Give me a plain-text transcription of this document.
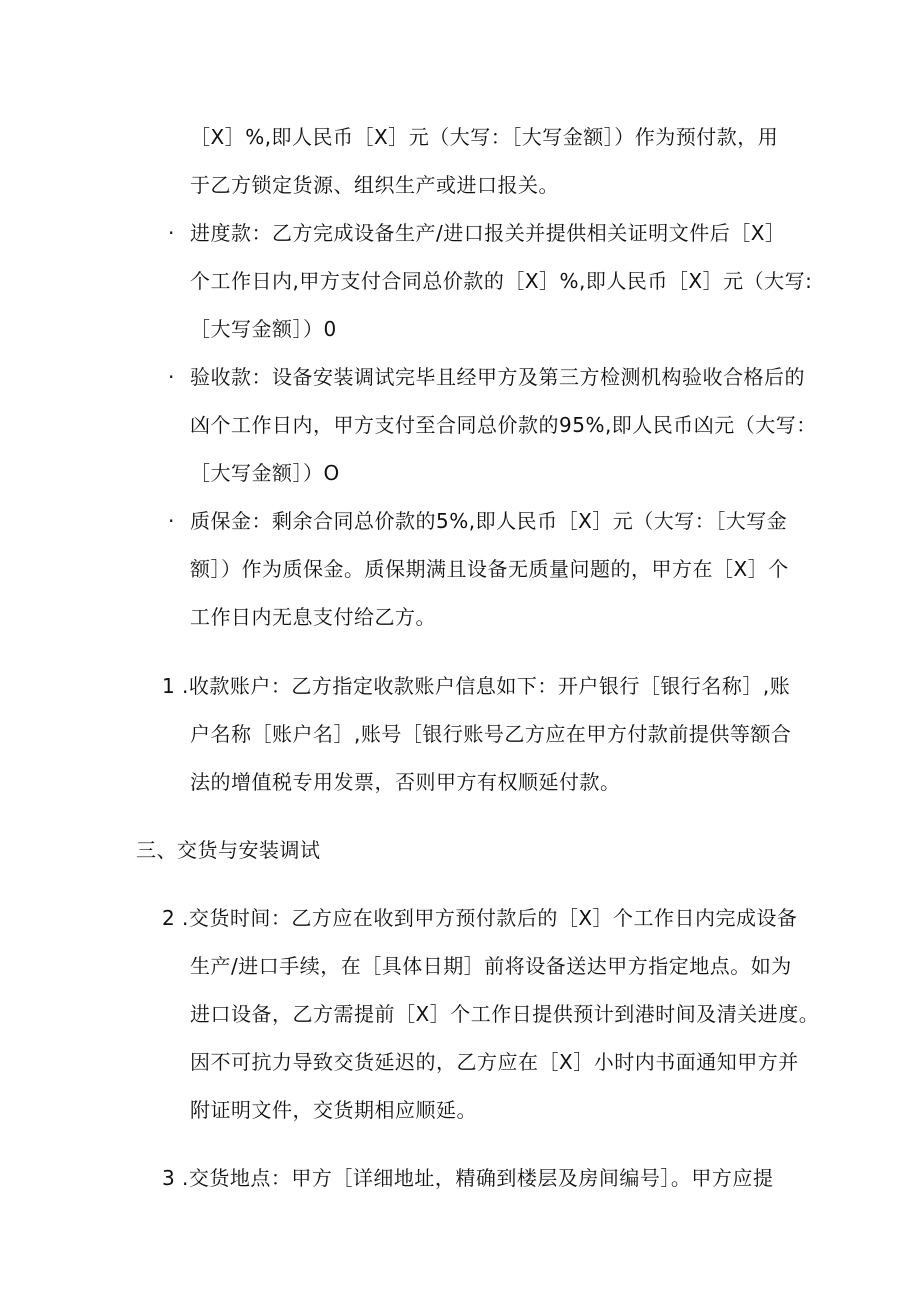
［X］%,即人民币［X］元（大写：［大写金额］）作为预付款，用
于乙方锁定货源、组织生产或进口报关。
· 进度款：乙方完成设备生产/进口报关并提供相关证明文件后［X］
个工作日内,甲方支付合同总价款的［X］%,即人民币［X］元（大写:
［大写金额］）0
· 验收款：设备安装调试完毕且经甲方及第三方检测机构验收合格后的
凶个工作日内，甲方支付至合同总价款的95%,即人民币凶元（大写：
［大写金额］）O
· 质保金：剩余合同总价款的5%,即人民币［X］元（大写：［大写金
额］）作为质保金。质保期满且设备无质量问题的，甲方在［X］个
工作日内无息支付给乙方。
1 .收款账户：乙方指定收款账户信息如下：开户银行［银行名称］,账
户名称［账户名］,账号［银行账号乙方应在甲方付款前提供等额合
法的增值税专用发票，否则甲方有权顺延付款。
三、交货与安装调试
2 .交货时间：乙方应在收到甲方预付款后的［X］个工作日内完成设备
生产/进口手续，在［具体日期］前将设备送达甲方指定地点。如为
进口设备，乙方需提前［X］个工作日提供预计到港时间及清关进度。
因不可抗力导致交货延迟的，乙方应在［X］小时内书面通知甲方并
附证明文件，交货期相应顺延。
3 .交货地点：甲方［详细地址，精确到楼层及房间编号］。甲方应提
